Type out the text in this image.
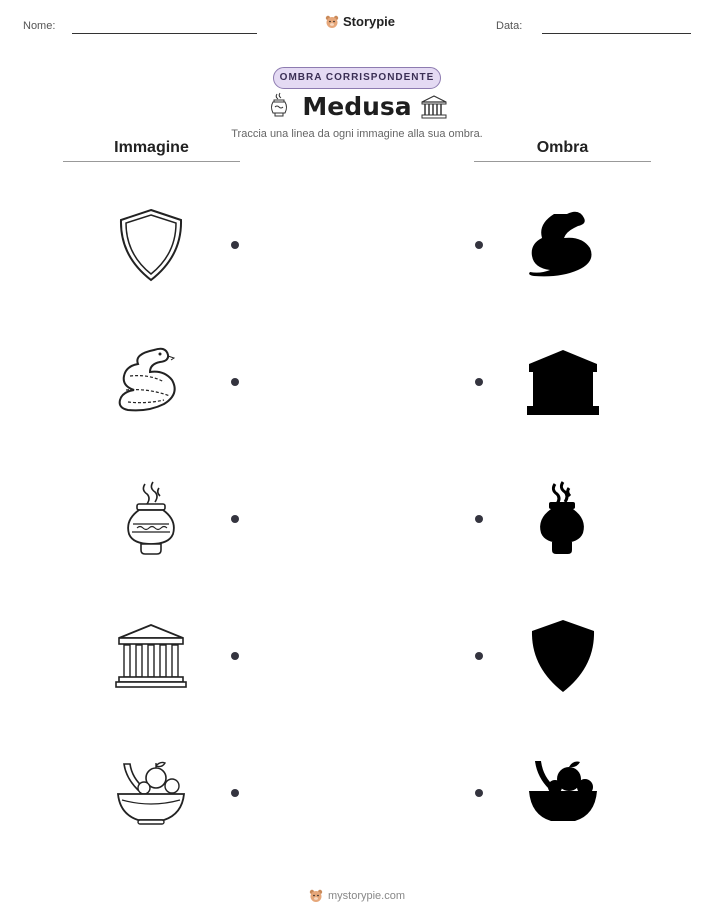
Nome:	Storypie	Data:
OMBRA CORRISPONDENTE
Medusa
Traccia una linea da ogni immagine alla sua ombra.
Immagine	Ombra
mystorypie.com
